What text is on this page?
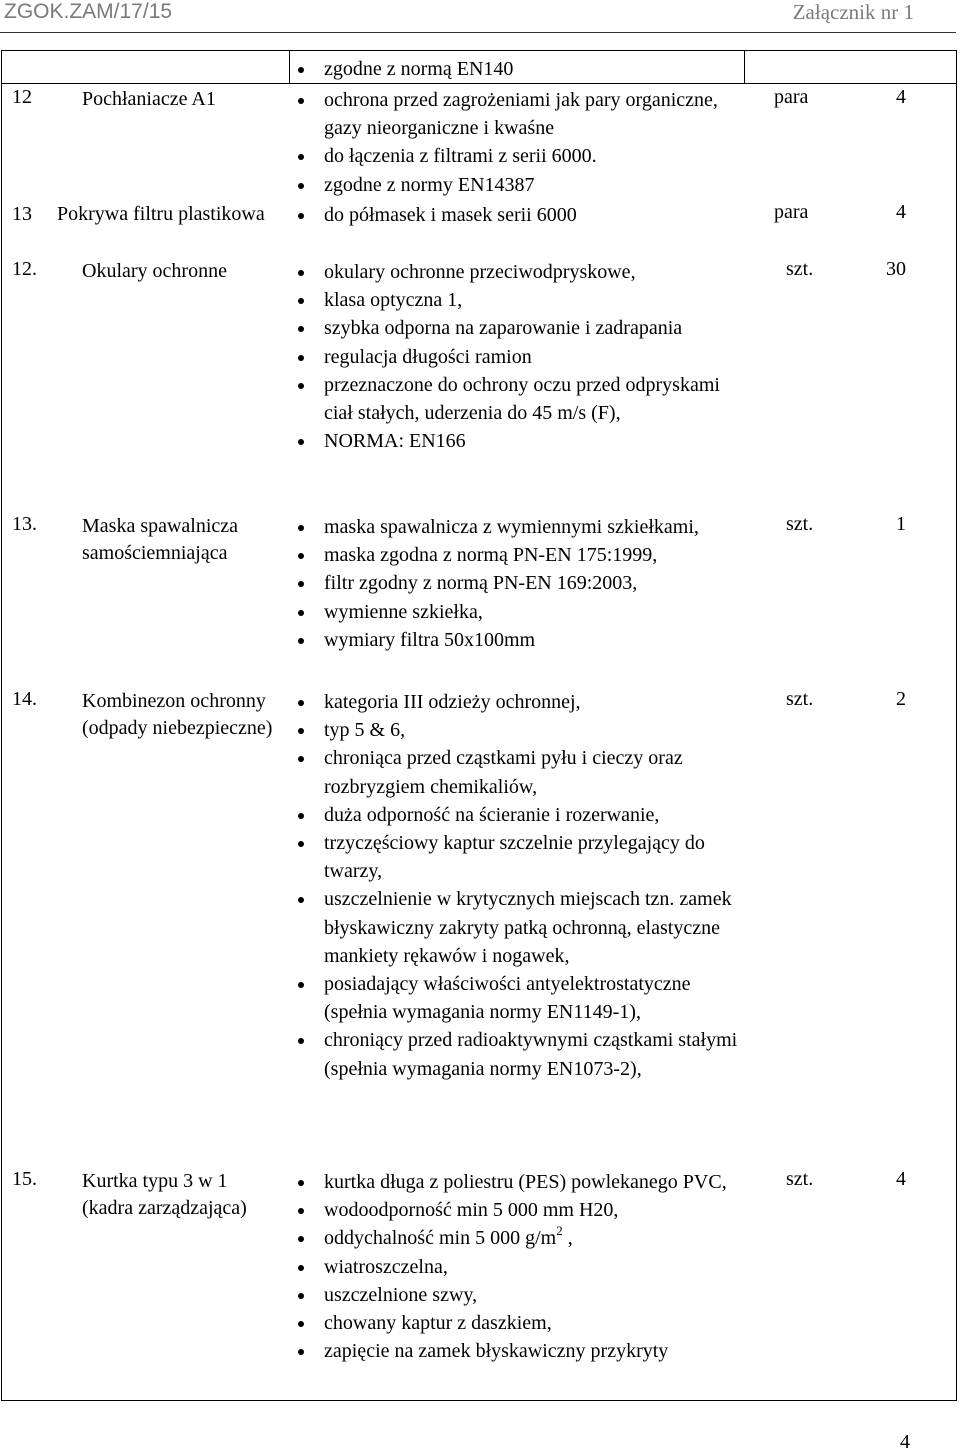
ZGOK.ZAM/17/15	Załącznik nr 1
zgodne z normą EN140
12	Pochłaniacze A1	ochrona przed zagrożeniami jak pary organiczne, gazy nieorganiczne i kwaśne
do łączenia z filtrami z serii 6000.
zgodne z normy EN14387
para	4
13 Pokrywa filtru plastikowa	do półmasek i masek serii 6000	para	4
12. Okulary ochronne	okulary ochronne przeciwodpryskowe,
klasa optyczna 1,
szybka odporna na zaparowanie i zadrapania
regulacja długości ramion
przeznaczone do ochrony oczu przed odpryskami ciał stałych, uderzenia do 45 m/s (F),
NORMA: EN166
szt.	30
13. Maska spawalnicza samościemniająca
maska spawalnicza z wymiennymi szkiełkami,
maska zgodna z normą PN-EN 175:1999,
filtr zgodny z normą PN-EN 169:2003,
wymienne szkiełka,
wymiary filtra 50x100mm
szt.	1
14. Kombinezon ochronny (odpady niebezpieczne)
kategoria III odzieży ochronnej,
typ 5 & 6,
chroniąca przed cząstkami pyłu i cieczy oraz rozbryzgiem chemikaliów,
duża odporność na ścieranie i rozerwanie,
trzyczęściowy kaptur szczelnie przylegający do twarzy,
uszczelnienie w krytycznych miejscach tzn. zamek błyskawiczny zakryty patką ochronną, elastyczne mankiety rękawów i nogawek,
posiadający właściwości antyelektrostatyczne (spełnia wymagania normy EN1149-1),
chroniący przed radioaktywnymi cząstkami stałymi (spełnia wymagania normy EN1073-2),
szt.	2
15. Kurtka typu 3 w 1 (kadra zarządzająca)
kurtka długa z poliestru (PES) powlekanego PVC,
wodoodporność min 5 000 mm H20,
oddychalność min 5 000 $g/m^2$ ,
wiatroszczelna,
uszczelnione szwy,
chowany kaptur z daszkiem,
zapięcie na zamek błyskawiczny przykryty
szt.	4
4
